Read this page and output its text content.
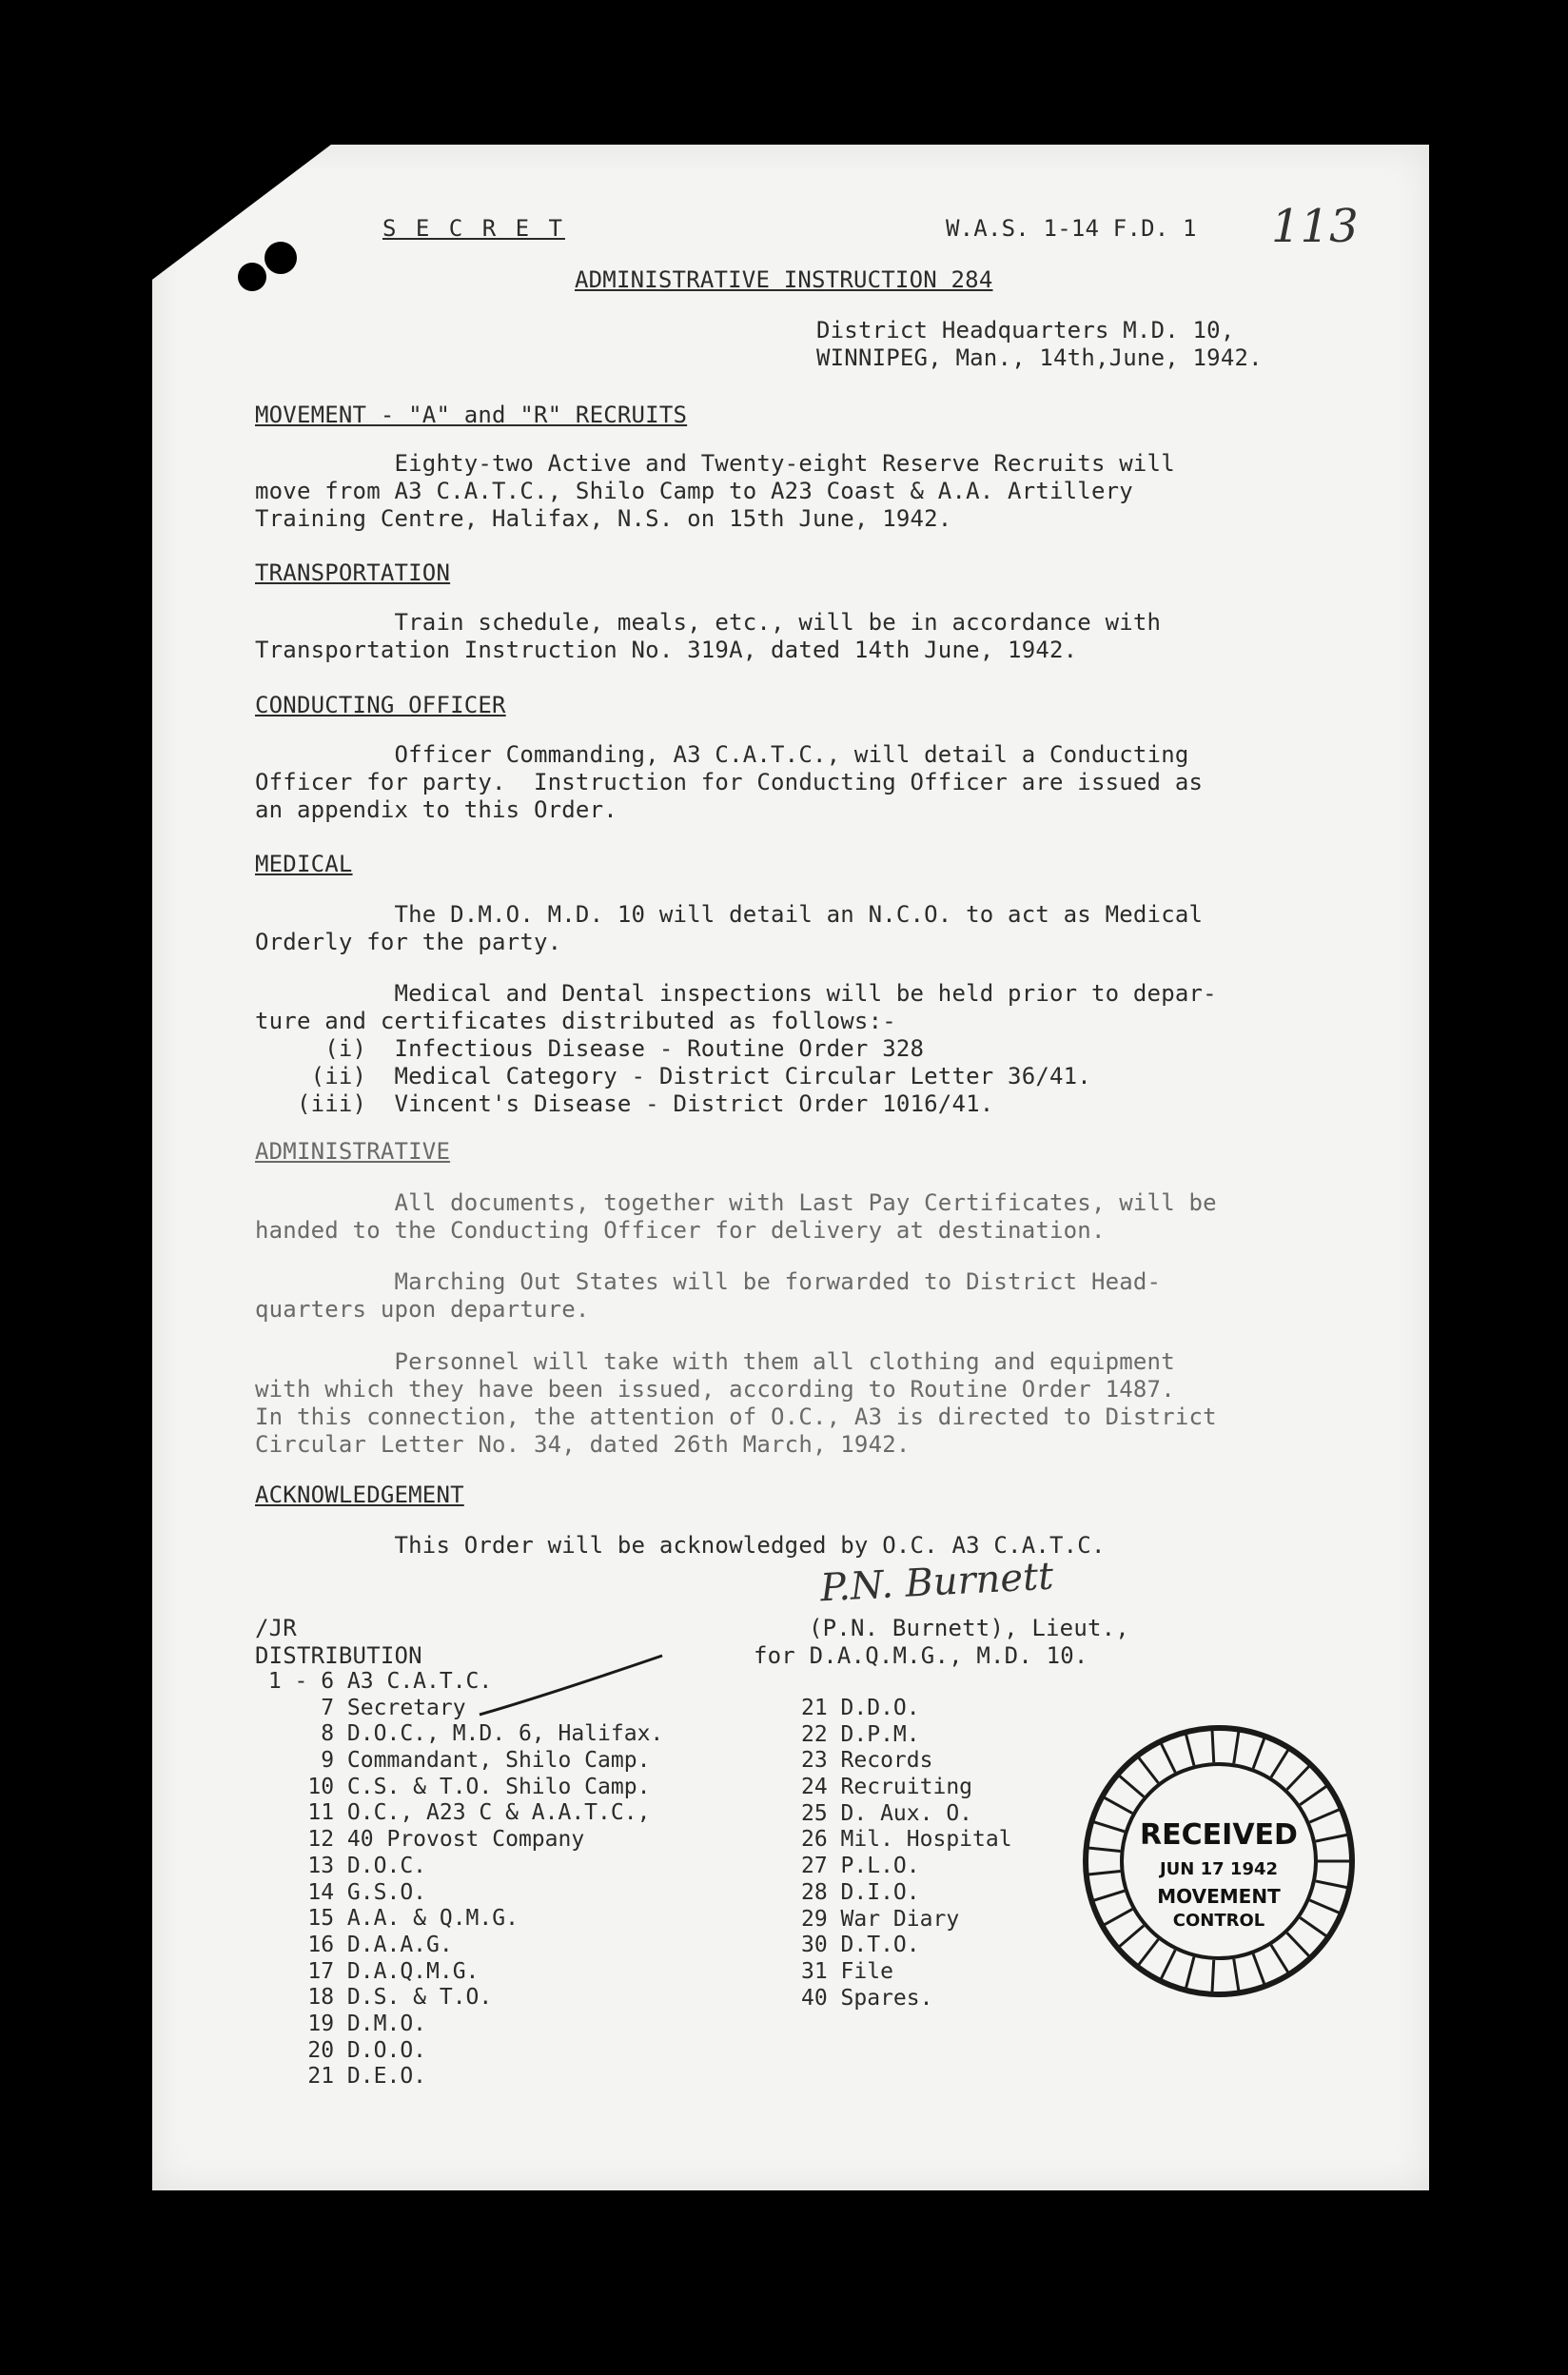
S E C R E T	W.A.S. 1-14 F.D. 1 113
ADMINISTRATIVE INSTRUCTION 284
District Headquarters M.D. 10,
WINNIPEG, Man., 14th,June, 1942.
MOVEMENT - "A" and "R" RECRUITS
Eighty-two Active and Twenty-eight Reserve Recruits will
move from A3 C.A.T.C., Shilo Camp to A23 Coast & A.A. Artillery
Training Centre, Halifax, N.S. on 15th June, 1942.
TRANSPORTATION
Train schedule, meals, etc., will be in accordance with
Transportation Instruction No. 319A, dated 14th June, 1942.
CONDUCTING OFFICER
Officer Commanding, A3 C.A.T.C., will detail a Conducting
Officer for party.  Instruction for Conducting Officer are issued as
an appendix to this Order.
MEDICAL
The D.M.O. M.D. 10 will detail an N.C.O. to act as Medical
Orderly for the party.
Medical and Dental inspections will be held prior to depar-
ture and certificates distributed as follows:-
(i)  Infectious Disease - Routine Order 328
(ii)  Medical Category - District Circular Letter 36/41.
(iii)  Vincent's Disease - District Order 1016/41.
ADMINISTRATIVE
All documents, together with Last Pay Certificates, will be
handed to the Conducting Officer for delivery at destination.
Marching Out States will be forwarded to District Head-
quarters upon departure.
Personnel will take with them all clothing and equipment
with which they have been issued, according to Routine Order 1487.
In this connection, the attention of O.C., A3 is directed to District
Circular Letter No. 34, dated 26th March, 1942.
ACKNOWLEDGEMENT
This Order will be acknowledged by O.C. A3 C.A.T.C.
P.N. Burnett
(P.N. Burnett), Lieut.,
for D.A.Q.M.G., M.D. 10.
/JR
DISTRIBUTION
1 - 6 A3 C.A.T.C.
7 Secretary
8 D.O.C., M.D. 6, Halifax.
9 Commandant, Shilo Camp.
10 C.S. & T.O. Shilo Camp.
11 O.C., A23 C & A.A.T.C.,
12 40 Provost Company
13 D.O.C.
14 G.S.O.
15 A.A. & Q.M.G.
16 D.A.A.G.
17 D.A.Q.M.G.
18 D.S. & T.O.
19 D.M.O.
20 D.O.O.
21 D.E.O.
21 D.D.O.
22 D.P.M.
23 Records
24 Recruiting
25 D. Aux. O.
26 Mil. Hospital
27 P.L.O.
28 D.I.O.
29 War Diary
30 D.T.O.
31 File
40 Spares.
RECEIVED
JUN 17 1942
MOVEMENT
CONTROL
